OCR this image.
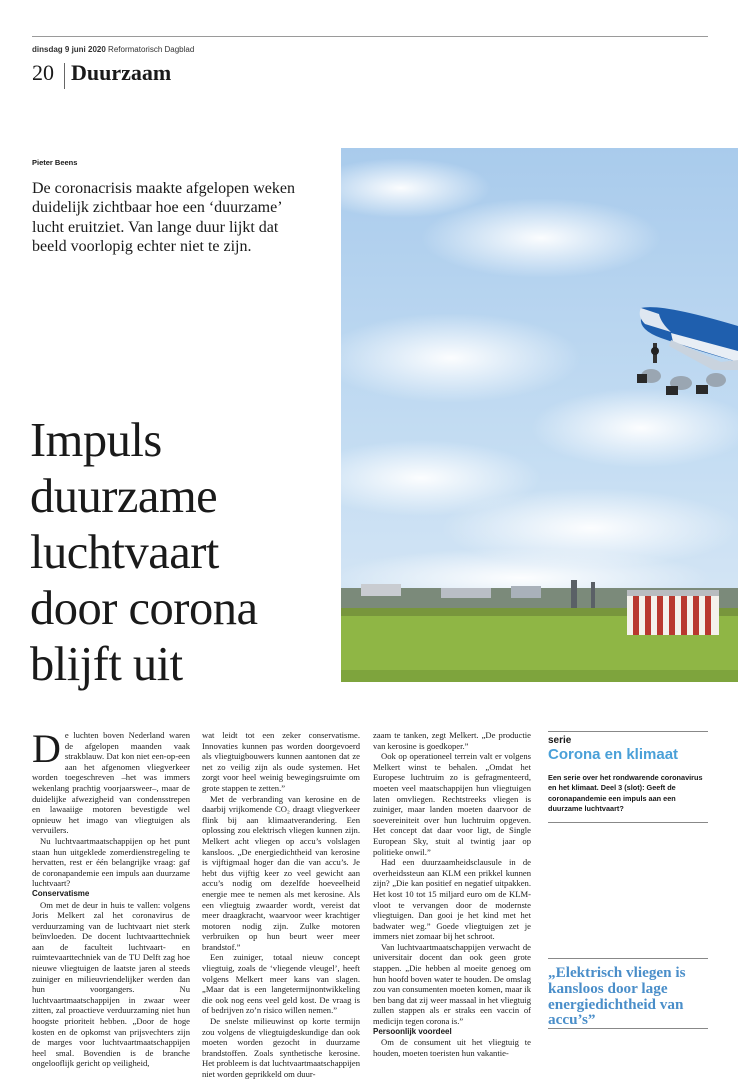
dinsdag 9 juni 2020 Reformatorisch Dagblad
20 Duurzaam
Pieter Beens
De coronacrisis maakte afgelopen weken duidelijk zichtbaar hoe een ‘duurzame’ lucht eruitziet. Van lange duur lijkt dat beeld voorlopig echter niet te zijn.
Impuls
duurzame
luchtvaart
door corona
blijft uit
D e luchten boven Nederland waren de afgelopen maanden vaak strakblauw. Dat kon niet een-op-een aan het afgenomen vliegverkeer worden toegeschreven –het was immers wekenlang prachtig voorjaarsweer–, maar de duidelijke afwezigheid van condensstrepen en lawaaiige motoren bevestigde wel opnieuw het imago van vliegtuigen als vervuilers.

Nu luchtvaartmaatschappijen op het punt staan hun uitgeklede zomerdienstregeling te hervatten, rest er één belangrijke vraag: gaf de coronapandemie een impuls aan duurzame luchtvaart?

Conservatisme

Om met de deur in huis te vallen: volgens Joris Melkert zal het coronavirus de verduurzaming van de luchtvaart niet sterk beïnvloeden. De docent luchtvaarttechniek aan de faculteit luchtvaart- en ruimtevaarttechniek van de TU Delft zag hoe nieuwe vliegtuigen de laatste jaren al steeds zuiniger en milieuvriendelijker werden dan hun voorgangers. Nu luchtvaartmaatschappijen in zwaar weer zitten, zal proactieve verduurzaming niet hun hoogste prioriteit hebben. „Door de hoge kosten en de opkomst van prijsvechters zijn de marges voor luchtvaartmaatschappijen heel smal. Bovendien is de branche ongelooflijk gericht op veiligheid,

wat leidt tot een zeker conservatisme. Innovaties kunnen pas worden doorgevoerd als vliegtuigbouwers kunnen aantonen dat ze net zo veilig zijn als oude systemen. Het zorgt voor heel weinig bewegingsruimte om grote stappen te zetten.”

Met de verbranding van kerosine en de daarbij vrijkomende CO₂ draagt vliegverkeer flink bij aan klimaatverandering. Een oplossing zou elektrisch vliegen kunnen zijn. Melkert acht vliegen op accu’s volslagen kansloos. „De energiedichtheid van kerosine is vijftigmaal hoger dan die van accu’s. Je hebt dus vijftig keer zo veel gewicht aan accu’s nodig om dezelfde hoeveelheid energie mee te nemen als met kerosine. Als een vliegtuig zwaarder wordt, vereist dat meer draagkracht, waarvoor weer krachtiger motoren nodig zijn. Zulke motoren verbruiken op hun beurt weer meer brandstof.”

Een zuiniger, totaal nieuw concept vliegtuig, zoals de ‘vliegende vleugel’, heeft volgens Melkert meer kans van slagen. „Maar dat is een langetermijnontwikkeling die ook nog eens veel geld kost. De vraag is of bedrijven zo’n risico willen nemen.”

De snelste milieuwinst op korte termijn zou volgens de vliegtuigdeskundige dan ook moeten worden gezocht in duurzame brandstoffen. Zoals synthetische kerosine. Het probleem is dat luchtvaartmaatschappijen niet worden geprikkeld om duur-

zaam te tanken, zegt Melkert. „De productie van kerosine is goedkoper.”

Ook op operationeel terrein valt er volgens Melkert winst te behalen. „Omdat het Europese luchtruim zo is gefragmenteerd, moeten veel maatschappijen hun vliegtuigen laten omvliegen. Rechtstreeks vliegen is zuiniger, maar landen moeten daarvoor de soevereiniteit over hun luchtruim opgeven. Het concept dat daar voor ligt, de Single European Sky, stuit al twintig jaar op politieke onwil.”

Had een duurzaamheidsclausule in de overheidssteun aan KLM een prikkel kunnen zijn? „Die kan positief en negatief uitpakken. Het kost 10 tot 15 miljard euro om de KLM-vloot te vervangen door de modernste vliegtuigen. Dan gooi je het kind met het badwater weg.” Goede vliegtuigen zet je immers niet zomaar bij het schroot.

Van luchtvaartmaatschappijen verwacht de universitair docent dan ook geen grote stappen. „Die hebben al moeite genoeg om hun hoofd boven water te houden. De omslag zou van consumenten moeten komen, maar ik ben bang dat zij weer massaal in het vliegtuig zullen stappen als er straks een vaccin of medicijn tegen corona is.”

Persoonlijk voordeel

Om de consument uit het vliegtuig te houden, moeten toeristen hun vakantie-

serie
Corona en klimaat
Een serie over het rondwarende coronavirus en het klimaat. Deel 3 (slot): Geeft de coronapandemie een impuls aan een duurzame luchtvaart?
„Elektrisch vliegen is kansloos door lage energiedichtheid van accu’s”
